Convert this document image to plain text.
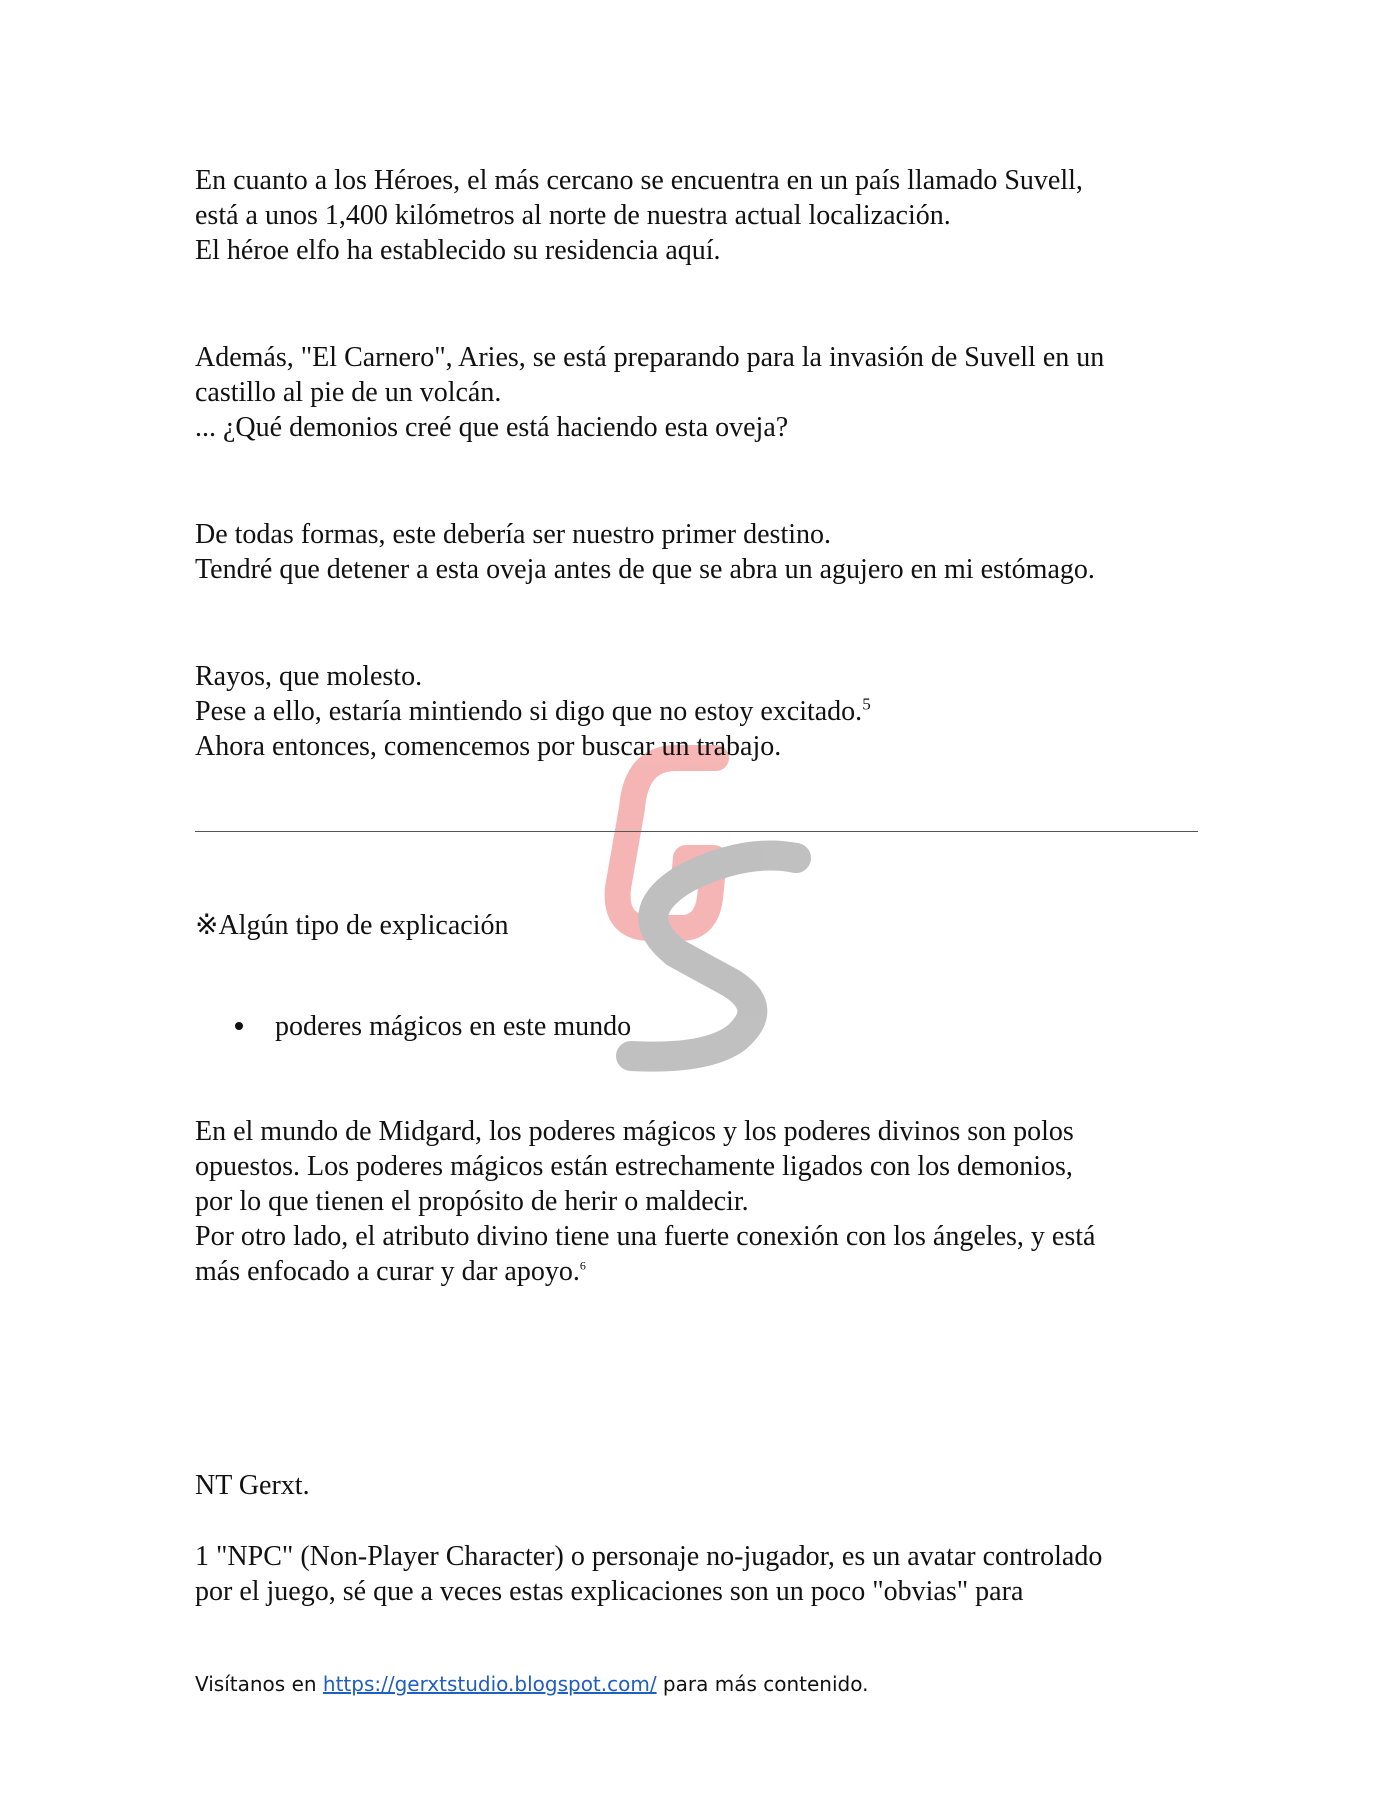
En cuanto a los Héroes, el más cercano se encuentra en un país llamado Suvell,

está a unos 1,400 kilómetros al norte de nuestra actual localización.

El héroe elfo ha establecido su residencia aquí.

Además, "El Carnero", Aries, se está preparando para la invasión de Suvell en un

castillo al pie de un volcán.

... ¿Qué demonios creé que está haciendo esta oveja?

De todas formas, este debería ser nuestro primer destino.

Tendré que detener a esta oveja antes de que se abra un agujero en mi estómago.

Rayos, que molesto.

Pese a ello, estaría mintiendo si digo que no estoy excitado.$^5$

Ahora entonces, comencemos por buscar un trabajo.

※Algún tipo de explicación

poderes mágicos en este mundo

En el mundo de Midgard, los poderes mágicos y los poderes divinos son polos

opuestos. Los poderes mágicos están estrechamente ligados con los demonios,

por lo que tienen el propósito de herir o maldecir.

Por otro lado, el atributo divino tiene una fuerte conexión con los ángeles, y está

más enfocado a curar y dar apoyo.$^6$

NT Gerxt.

1 "NPC" (Non-Player Character) o personaje no-jugador, es un avatar controlado

por el juego, sé que a veces estas explicaciones son un poco "obvias" para

Visítanos en https://gerxtstudio.blogspot.com/ para más contenido.
